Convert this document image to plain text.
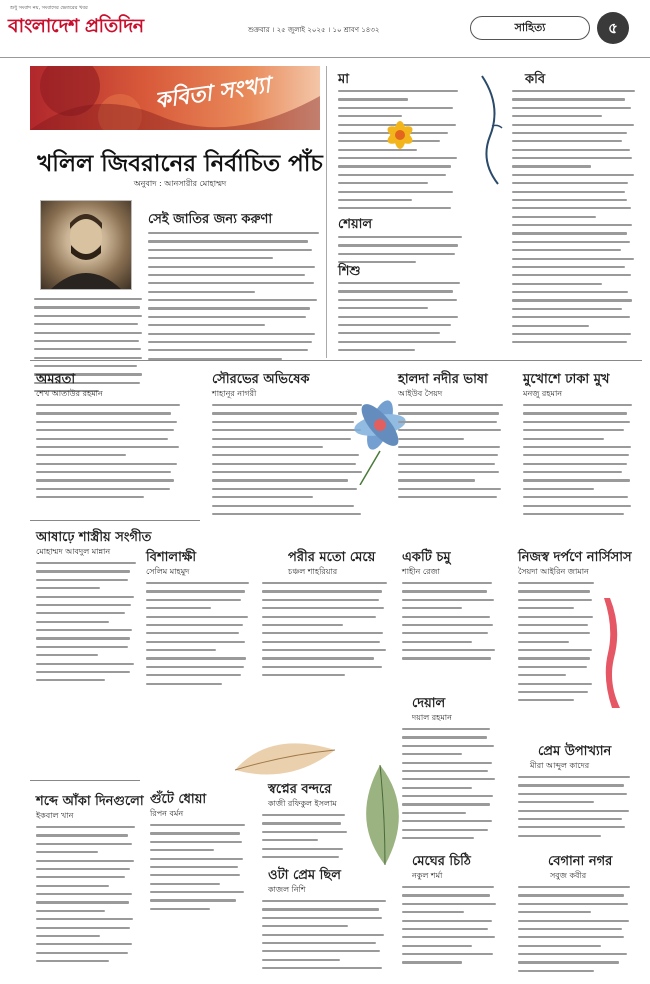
শুধু সংবাদ নয়, সংবাদের ভেতরের খবর
বাংলাদেশ প্রতিদিন	শুক্রবার । ২৫ জুলাই ২০২৫ । ১০ শ্রাবণ ১৪৩২	সাহিত্য	৫
কবিতা সংখ্যা
খলিল জিবরানের নির্বাচিত পাঁচ
অনুবাদ : আনসারীর মোহাম্মদ
সেই জাতির জন্য করুণা
মা
শেয়াল
শিশু
কবি
অমরতা
শেখ আতাউর রহমান
সৌরভের অভিষেক
শাহানূর নাগরী
হালদা নদীর ভাষা
আইউব সৈয়দ
মুখোশে ঢাকা মুখ
মনজু রহমান
আষাঢ়ে শাস্ত্রীয় সংগীত
মোহাম্মদ আবদুল মান্নান	বিশালাক্ষী
সেলিম মাহমুদ
পরীর মতো মেয়ে
চঞ্চল শাহরিয়ার
একটি চমু
শাহীন রেজা
নিজস্ব দর্পণে নার্সিসাস
সৈয়দা আইরিন জামান
শব্দে আঁকা দিনগুলো
ইকবাল খান
গুঁটে ধোয়া
রিপন বর্মন
স্বপ্নের বন্দরে
কাজী রফিকুল ইসলাম
ওটা প্রেম ছিল
কাজল নিশি
দেয়াল
দয়াল রহমান
মেঘের চিঠি
নকুল শর্মা
প্রেম উপাখ্যান
মীরা আব্দুল কাদের
বেগানা নগর
সবুজ কবীর
